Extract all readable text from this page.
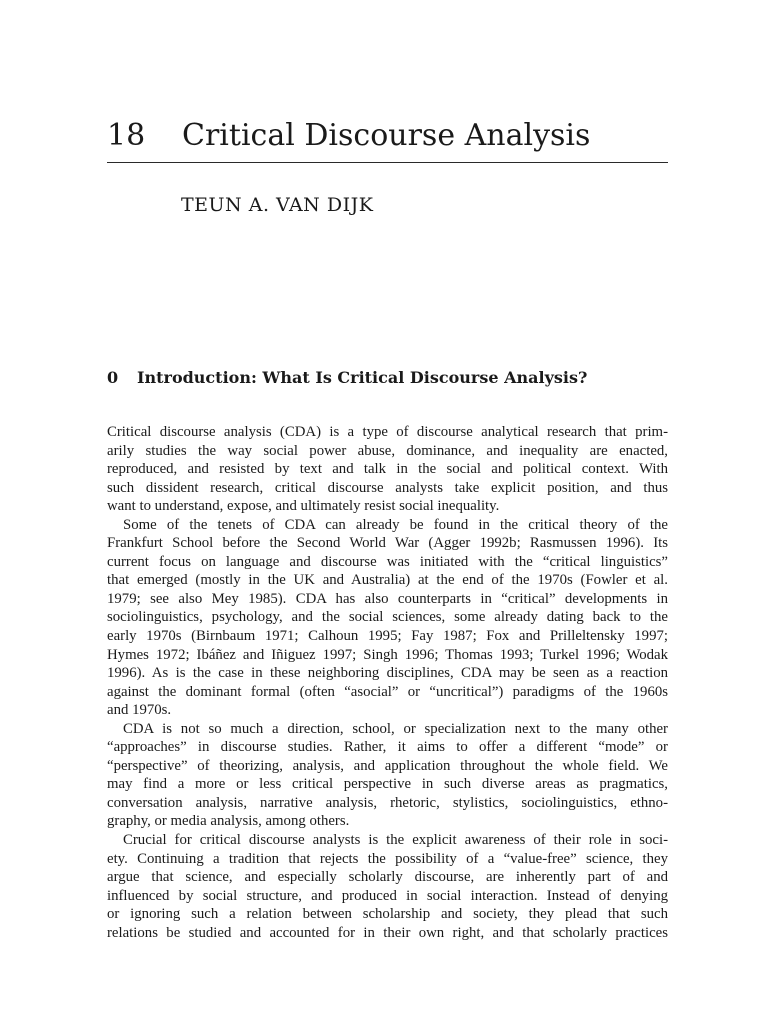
18	Critical Discourse Analysis

TEUN A. VAN DIJK

0	Introduction: What Is Critical Discourse Analysis?
Critical discourse analysis (CDA) is a type of discourse analytical research that prim-
arily studies the way social power abuse, dominance, and inequality are enacted,
reproduced, and resisted by text and talk in the social and political context. With
such dissident research, critical discourse analysts take explicit position, and thus
want to understand, expose, and ultimately resist social inequality.
Some of the tenets of CDA can already be found in the critical theory of the
Frankfurt School before the Second World War (Agger 1992b; Rasmussen 1996). Its
current focus on language and discourse was initiated with the “critical linguistics”
that emerged (mostly in the UK and Australia) at the end of the 1970s (Fowler et al.
1979; see also Mey 1985). CDA has also counterparts in “critical” developments in
sociolinguistics, psychology, and the social sciences, some already dating back to the
early 1970s (Birnbaum 1971; Calhoun 1995; Fay 1987; Fox and Prilleltensky 1997;
Hymes 1972; Ibáñez and Iñiguez 1997; Singh 1996; Thomas 1993; Turkel 1996; Wodak
1996). As is the case in these neighboring disciplines, CDA may be seen as a reaction
against the dominant formal (often “asocial” or “uncritical”) paradigms of the 1960s
and 1970s.
CDA is not so much a direction, school, or specialization next to the many other
“approaches” in discourse studies. Rather, it aims to offer a different “mode” or
“perspective” of theorizing, analysis, and application throughout the whole field. We
may find a more or less critical perspective in such diverse areas as pragmatics,
conversation analysis, narrative analysis, rhetoric, stylistics, sociolinguistics, ethno-
graphy, or media analysis, among others.
Crucial for critical discourse analysts is the explicit awareness of their role in soci-
ety. Continuing a tradition that rejects the possibility of a “value-free” science, they
argue that science, and especially scholarly discourse, are inherently part of and
influenced by social structure, and produced in social interaction. Instead of denying
or ignoring such a relation between scholarship and society, they plead that such
relations be studied and accounted for in their own right, and that scholarly practices
